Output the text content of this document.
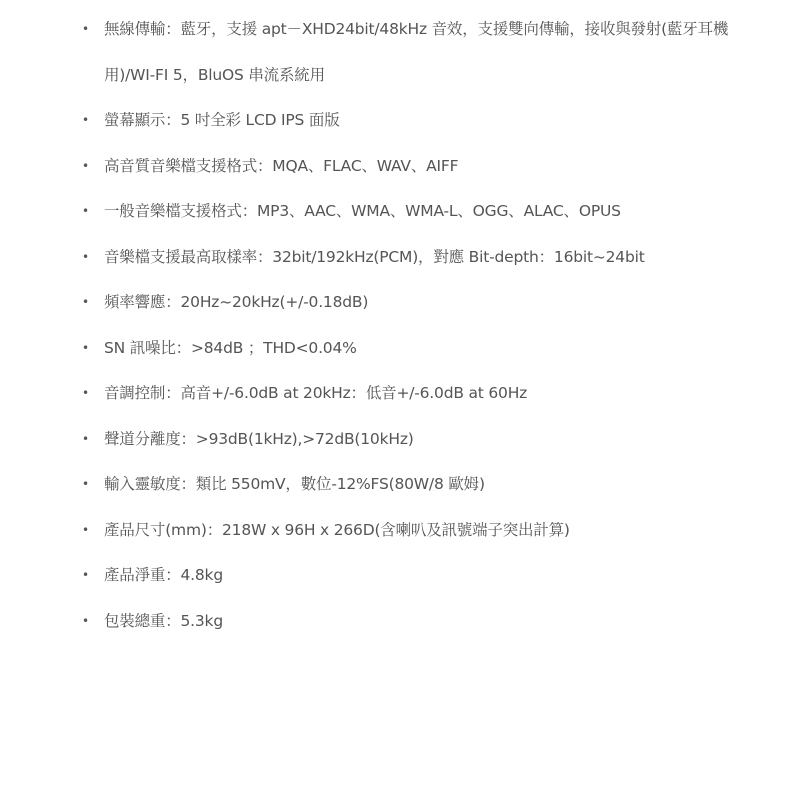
•
無線傳輸：藍牙，支援 apt－XHD24bit/48kHz 音效，支援雙向傳輸，接收與發射(藍牙耳機用)/WI-FI 5，BluOS 串流系統用
•
螢幕顯示：5 吋全彩 LCD IPS 面版
•
高音質音樂檔支援格式：MQA、FLAC、WAV、AIFF
•
一般音樂檔支援格式：MP3、AAC、WMA、WMA-L、OGG、ALAC、OPUS
•
音樂檔支援最高取樣率：32bit/192kHz(PCM)，對應 Bit-depth：16bit~24bit
•
頻率響應：20Hz~20kHz(+/-0.18dB)
•
SN 訊噪比：>84dB ；THD<0.04%
•
音調控制：高音+/-6.0dB at 20kHz：低音+/-6.0dB at 60Hz
•
聲道分離度：>93dB(1kHz),>72dB(10kHz)
•
輸入靈敏度：類比 550mV，數位-12%FS(80W/8 歐姆)
•
產品尺寸(mm)：218W x 96H x 266D(含喇叭及訊號端子突出計算)
•
產品淨重：4.8kg
•
包裝總重：5.3kg
